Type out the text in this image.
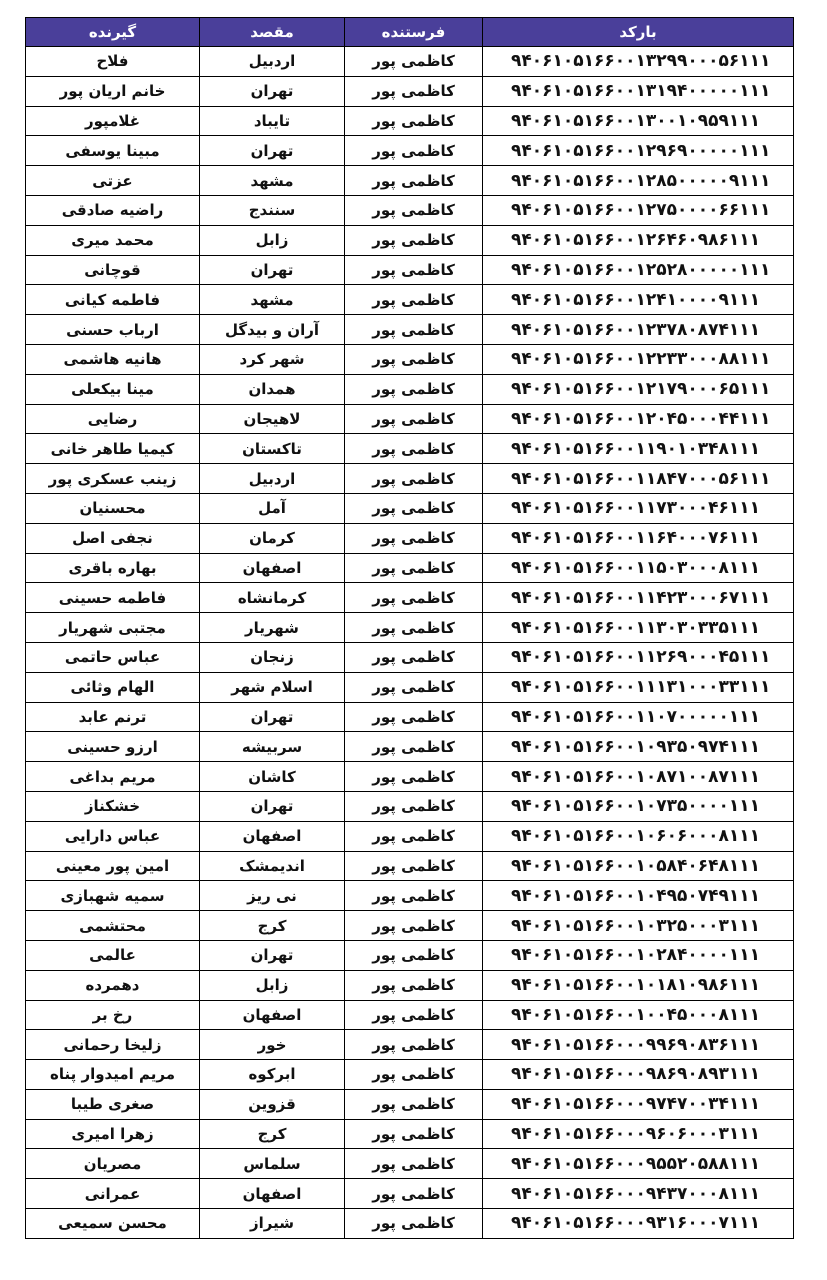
بارکد	فرستنده	مقصد	گیرنده
۹۴۰۶۱۰۵۱۶۶۰۰۱۳۲۹۹۰۰۰۵۶۱۱۱	کاظمی پور	اردبیل	فلاح
۹۴۰۶۱۰۵۱۶۶۰۰۱۳۱۹۴۰۰۰۰۰۱۱۱	کاظمی پور	تهران	خانم اریان پور
۹۴۰۶۱۰۵۱۶۶۰۰۱۳۰۰۱۰۹۵۹۱۱۱	کاظمی پور	تایباد	غلامپور
۹۴۰۶۱۰۵۱۶۶۰۰۱۲۹۶۹۰۰۰۰۰۱۱۱	کاظمی پور	تهران	مبینا یوسفی
۹۴۰۶۱۰۵۱۶۶۰۰۱۲۸۵۰۰۰۰۰۹۱۱۱	کاظمی پور	مشهد	عزتی
۹۴۰۶۱۰۵۱۶۶۰۰۱۲۷۵۰۰۰۰۶۶۱۱۱	کاظمی پور	سنندج	راضیه صادقی
۹۴۰۶۱۰۵۱۶۶۰۰۱۲۶۴۶۰۹۸۶۱۱۱	کاظمی پور	زابل	محمد میری
۹۴۰۶۱۰۵۱۶۶۰۰۱۲۵۲۸۰۰۰۰۰۱۱۱	کاظمی پور	تهران	قوچانی
۹۴۰۶۱۰۵۱۶۶۰۰۱۲۴۱۰۰۰۰۹۱۱۱	کاظمی پور	مشهد	فاطمه کیانی
۹۴۰۶۱۰۵۱۶۶۰۰۱۲۳۷۸۰۸۷۴۱۱۱	کاظمی پور	آران و بیدگل	ارباب حسنی
۹۴۰۶۱۰۵۱۶۶۰۰۱۲۲۳۳۰۰۰۸۸۱۱۱	کاظمی پور	شهر کرد	هانیه هاشمی
۹۴۰۶۱۰۵۱۶۶۰۰۱۲۱۷۹۰۰۰۶۵۱۱۱	کاظمی پور	همدان	مینا بیکعلی
۹۴۰۶۱۰۵۱۶۶۰۰۱۲۰۴۵۰۰۰۴۴۱۱۱	کاظمی پور	لاهیجان	رضایی
۹۴۰۶۱۰۵۱۶۶۰۰۱۱۹۰۱۰۳۴۸۱۱۱	کاظمی پور	تاکستان	کیمیا طاهر خانی
۹۴۰۶۱۰۵۱۶۶۰۰۱۱۸۴۷۰۰۰۵۶۱۱۱	کاظمی پور	اردبیل	زینب عسکری پور
۹۴۰۶۱۰۵۱۶۶۰۰۱۱۷۳۰۰۰۴۶۱۱۱	کاظمی پور	آمل	محسنیان
۹۴۰۶۱۰۵۱۶۶۰۰۱۱۶۴۰۰۰۷۶۱۱۱	کاظمی پور	کرمان	نجفی اصل
۹۴۰۶۱۰۵۱۶۶۰۰۱۱۵۰۳۰۰۰۸۱۱۱	کاظمی پور	اصفهان	بهاره باقری
۹۴۰۶۱۰۵۱۶۶۰۰۱۱۴۲۳۰۰۰۶۷۱۱۱	کاظمی پور	کرمانشاه	فاطمه حسینی
۹۴۰۶۱۰۵۱۶۶۰۰۱۱۳۰۳۰۳۳۵۱۱۱	کاظمی پور	شهریار	مجتبی شهریار
۹۴۰۶۱۰۵۱۶۶۰۰۱۱۲۶۹۰۰۰۴۵۱۱۱	کاظمی پور	زنجان	عباس حاتمی
۹۴۰۶۱۰۵۱۶۶۰۰۱۱۱۳۱۰۰۰۳۳۱۱۱	کاظمی پور	اسلام شهر	الهام وثائی
۹۴۰۶۱۰۵۱۶۶۰۰۱۱۰۷۰۰۰۰۰۱۱۱	کاظمی پور	تهران	ترنم عابد
۹۴۰۶۱۰۵۱۶۶۰۰۱۰۹۳۵۰۹۷۴۱۱۱	کاظمی پور	سربیشه	ارزو حسینی
۹۴۰۶۱۰۵۱۶۶۰۰۱۰۸۷۱۰۰۸۷۱۱۱	کاظمی پور	کاشان	مریم بداغی
۹۴۰۶۱۰۵۱۶۶۰۰۱۰۷۳۵۰۰۰۰۱۱۱	کاظمی پور	تهران	خشکناز
۹۴۰۶۱۰۵۱۶۶۰۰۱۰۶۰۶۰۰۰۸۱۱۱	کاظمی پور	اصفهان	عباس دارایی
۹۴۰۶۱۰۵۱۶۶۰۰۱۰۵۸۴۰۶۴۸۱۱۱	کاظمی پور	اندیمشک	امین پور معینی
۹۴۰۶۱۰۵۱۶۶۰۰۱۰۴۹۵۰۷۴۹۱۱۱	کاظمی پور	نی ریز	سمیه شهبازی
۹۴۰۶۱۰۵۱۶۶۰۰۱۰۳۲۵۰۰۰۳۱۱۱	کاظمی پور	کرج	محتشمی
۹۴۰۶۱۰۵۱۶۶۰۰۱۰۲۸۴۰۰۰۰۱۱۱	کاظمی پور	تهران	عالمی
۹۴۰۶۱۰۵۱۶۶۰۰۱۰۱۸۱۰۹۸۶۱۱۱	کاظمی پور	زابل	دهمرده
۹۴۰۶۱۰۵۱۶۶۰۰۱۰۰۴۵۰۰۰۸۱۱۱	کاظمی پور	اصفهان	رخ بر
۹۴۰۶۱۰۵۱۶۶۰۰۰۹۹۶۹۰۸۳۶۱۱۱	کاظمی پور	خور	زلیخا رحمانی
۹۴۰۶۱۰۵۱۶۶۰۰۰۹۸۶۹۰۸۹۳۱۱۱	کاظمی پور	ابرکوه	مریم امیدوار پناه
۹۴۰۶۱۰۵۱۶۶۰۰۰۹۷۴۷۰۰۳۴۱۱۱	کاظمی پور	قزوین	صغری طیبا
۹۴۰۶۱۰۵۱۶۶۰۰۰۹۶۰۶۰۰۰۳۱۱۱	کاظمی پور	کرج	زهرا امیری
۹۴۰۶۱۰۵۱۶۶۰۰۰۹۵۵۲۰۵۸۸۱۱۱	کاظمی پور	سلماس	مصریان
۹۴۰۶۱۰۵۱۶۶۰۰۰۹۴۳۷۰۰۰۸۱۱۱	کاظمی پور	اصفهان	عمرانی
۹۴۰۶۱۰۵۱۶۶۰۰۰۹۳۱۶۰۰۰۷۱۱۱	کاظمی پور	شیراز	محسن سمیعی
